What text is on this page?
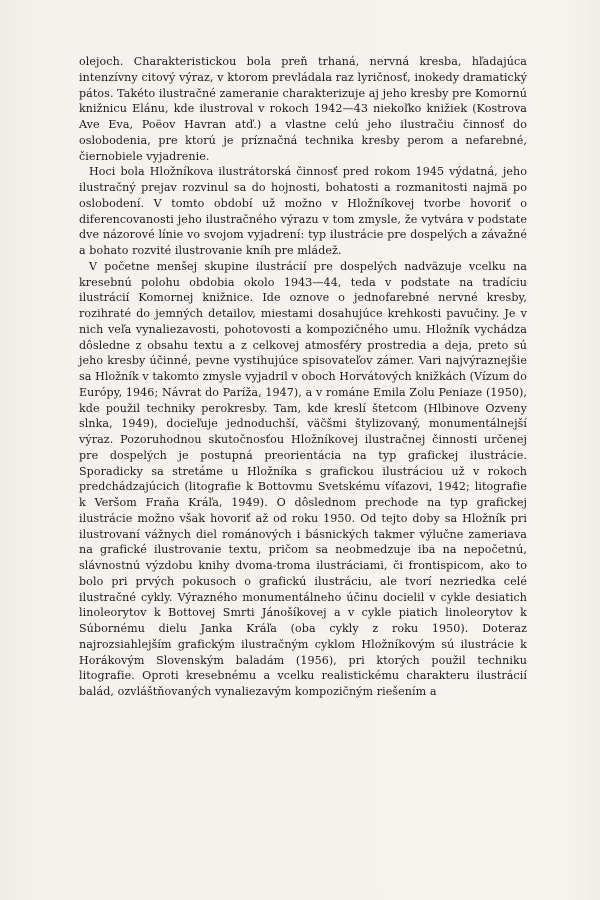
olejoch. Charakteristickou bola preň trhaná, nervná kresba, hľadajúca intenzívny citový výraz, v ktorom prevládala raz lyričnosť, inokedy dramatický pátos. Takéto ilustračné zameranie charakterizuje aj jeho kresby pre Komornú knižnicu Elánu, kde ilustroval v rokoch 1942—43 niekoľko knižiek (Kostrova Ave Eva, Poëov Havran atď.) a vlastne celú jeho ilustračiu činnosť do oslobodenia, pre ktorú je príznačná technika kresby perom a nefarebné, čiernobiele vyjadrenie.

Hoci bola Hložníkova ilustrátorská činnosť pred rokom 1945 výdatná, jeho ilustračný prejav rozvinul sa do hojnosti, bohatosti a rozmanitosti najmä po oslobodení. V tomto období už možno v Hložníkovej tvorbe hovoriť o diferencovanosti jeho ilustračného výrazu v tom zmysle, že vytvára v podstate dve názorové línie vo svojom vyjadrení: typ ilustrácie pre dospelých a závažné a bohato rozvité ilustrovanie kníh pre mládež.

V početne menšej skupine ilustrácií pre dospelých nadväzuje vcelku na kresebnú polohu obdobia okolo 1943—44, teda v podstate na tradíciu ilustrácií Komornej knižnice. Ide oznove o jednofarebné nervné kresby, rozihraté do jemných detailov, miestami dosahujúce krehkosti pavučiny. Je v nich veľa vynaliezavosti, pohotovosti a kompozičného umu. Hložník vychádza dôsledne z obsahu textu a z celkovej atmosféry prostredia a deja, preto sú jeho kresby účinné, pevne vystihujúce spisovateľov zámer. Vari najvýraznejšie sa Hložník v takomto zmysle vyjadril v oboch Horvátových knižkách (Vízum do Európy, 1946; Návrat do Paríža, 1947), a v románe Emila Zolu Peniaze (1950), kde použil techniky perokresby. Tam, kde kreslí štetcom (Hlbinove Ozveny slnka, 1949), docieľuje jednoduchší, väčšmi štylizovaný, monumentálnejší výraz. Pozoruhodnou skutočnosťou Hložníkovej ilustračnej činnosti určenej pre dospelých je postupná preorientácia na typ grafickej ilustrácie. Sporadicky sa stretáme u Hložníka s grafickou ilustráciou už v rokoch predchádzajúcich (litografie k Bottovmu Svetskému víťazovi, 1942; litografie k Veršom Fraňa Kráľa, 1949). O dôslednom prechode na typ grafickej ilustrácie možno však hovoriť až od roku 1950. Od tejto doby sa Hložník pri ilustrovaní vážnych diel románových i básnických takmer výlučne zameriava na grafické ilustrovanie textu, pričom sa neobmedzuje iba na nepočetnú, slávnostnú výzdobu knihy dvoma-troma ilustráciami, či frontispicom, ako to bolo pri prvých pokusoch o grafickú ilustráciu, ale tvorí nezriedka celé ilustračné cykly. Výrazného monumentálneho účinu docielil v cykle desiatich linoleorytov k Bottovej Smrti Jánošíkovej a v cykle piatich linoleorytov k Súbornému dielu Janka Kráľa (oba cykly z roku 1950). Doteraz najrozsiahlejším grafickým ilustračným cyklom Hložníkovým sú ilustrácie k Horákovým Slovenským baladám (1956), pri ktorých použil techniku litografie. Oproti kresebnému a vcelku realistickému charakteru ilustrácií balád, ozvláštňovaných vynaliezavým kompozičným riešením a
